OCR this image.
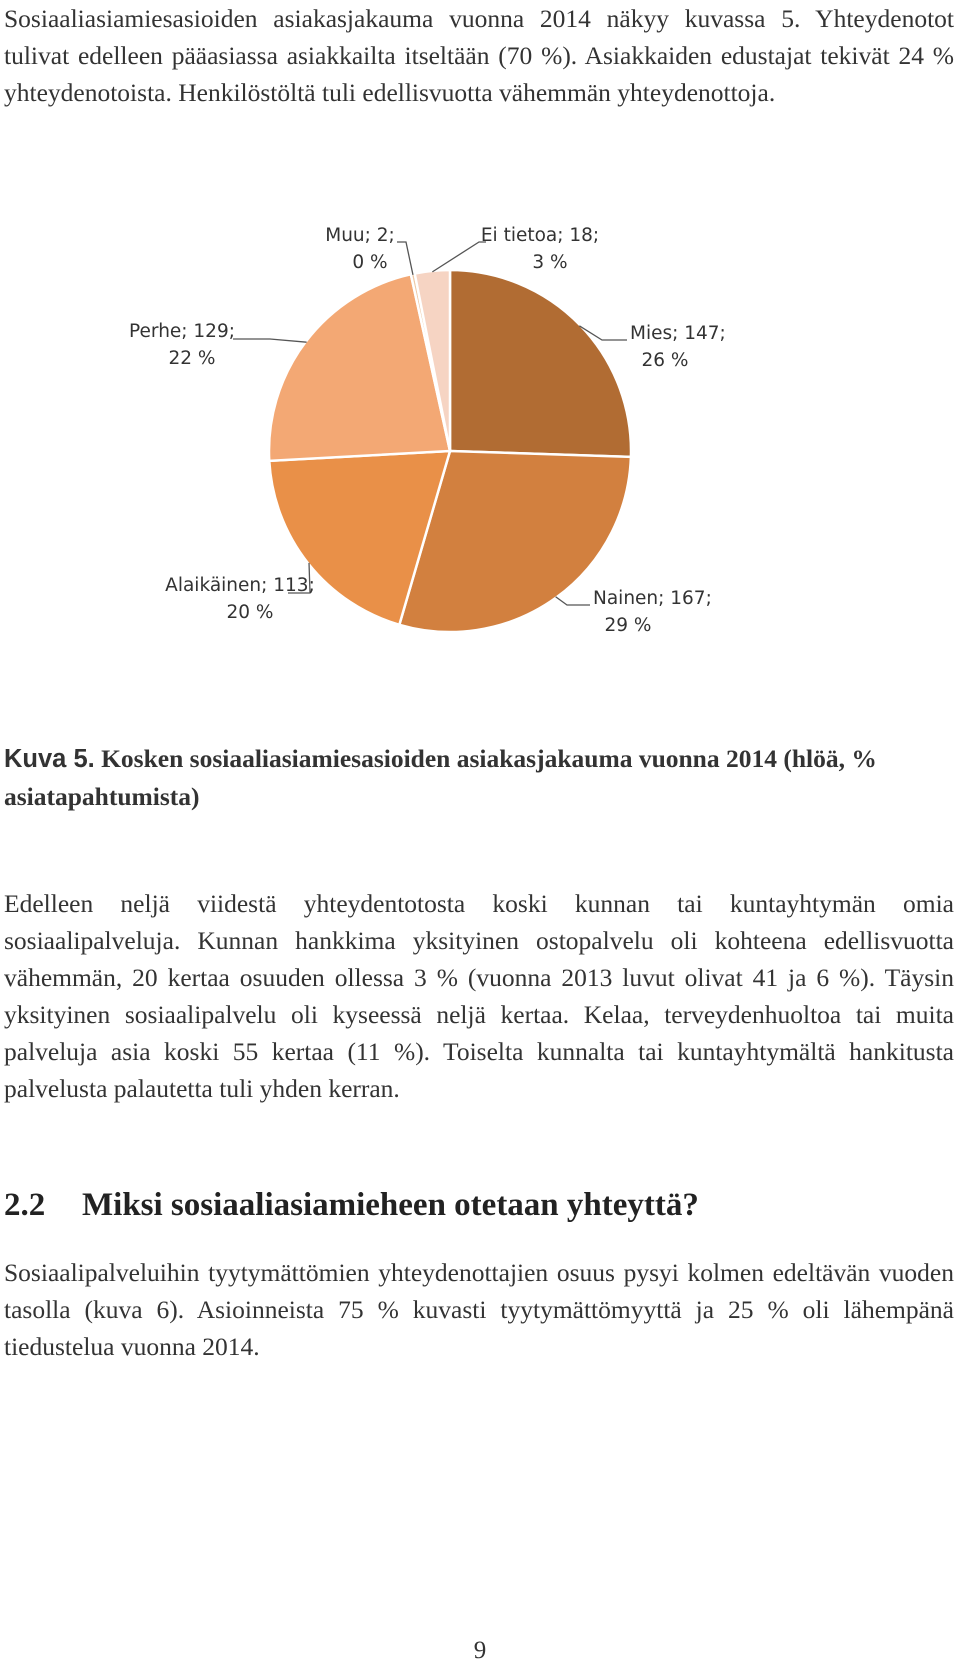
Sosiaaliasiamiesasioiden asiakasjakauma vuonna 2014 näkyy kuvassa 5. Yhteydenotot tulivat edelleen pääasiassa asiakkailta itseltään (70 %). Asiakkaiden edustajat tekivät 24 % yhteydenotoista. Henkilöstöltä tuli edellisvuotta vähemmän yhteydenottoja.

Mies; 147; 26 %
Nainen; 167; 29 %
Alaikäinen; 113; 20 %
Perhe; 129; 22 %
Muu; 2; 0 %
Ei tietoa; 18; 3 %

Kuva 5. Kosken sosiaaliasiamiesasioiden asiakasjakauma vuonna 2014 (hlöä, % asiatapahtumista)

Edelleen neljä viidestä yhteydentotosta koski kunnan tai kuntayhtymän omia sosiaalipalveluja. Kunnan hankkima yksityinen ostopalvelu oli kohteena edellisvuotta vähemmän, 20 kertaa osuuden ollessa 3 % (vuonna 2013 luvut olivat 41 ja 6 %). Täysin yksityinen sosiaalipalvelu oli kyseessä neljä kertaa. Kelaa, terveydenhuoltoa tai muita palveluja asia koski 55 kertaa (11 %). Toiselta kunnalta tai kuntayhtymältä hankitusta palvelusta palautetta tuli yhden kerran.

2.2 Miksi sosiaaliasiamieheen otetaan yhteyttä?

Sosiaalipalveluihin tyytymättömien yhteydenottajien osuus pysyi kolmen edeltävän vuoden tasolla (kuva 6). Asioinneista 75 % kuvasti tyytymättömyyttä ja 25 % oli lähempänä tiedustelua vuonna 2014.

9
